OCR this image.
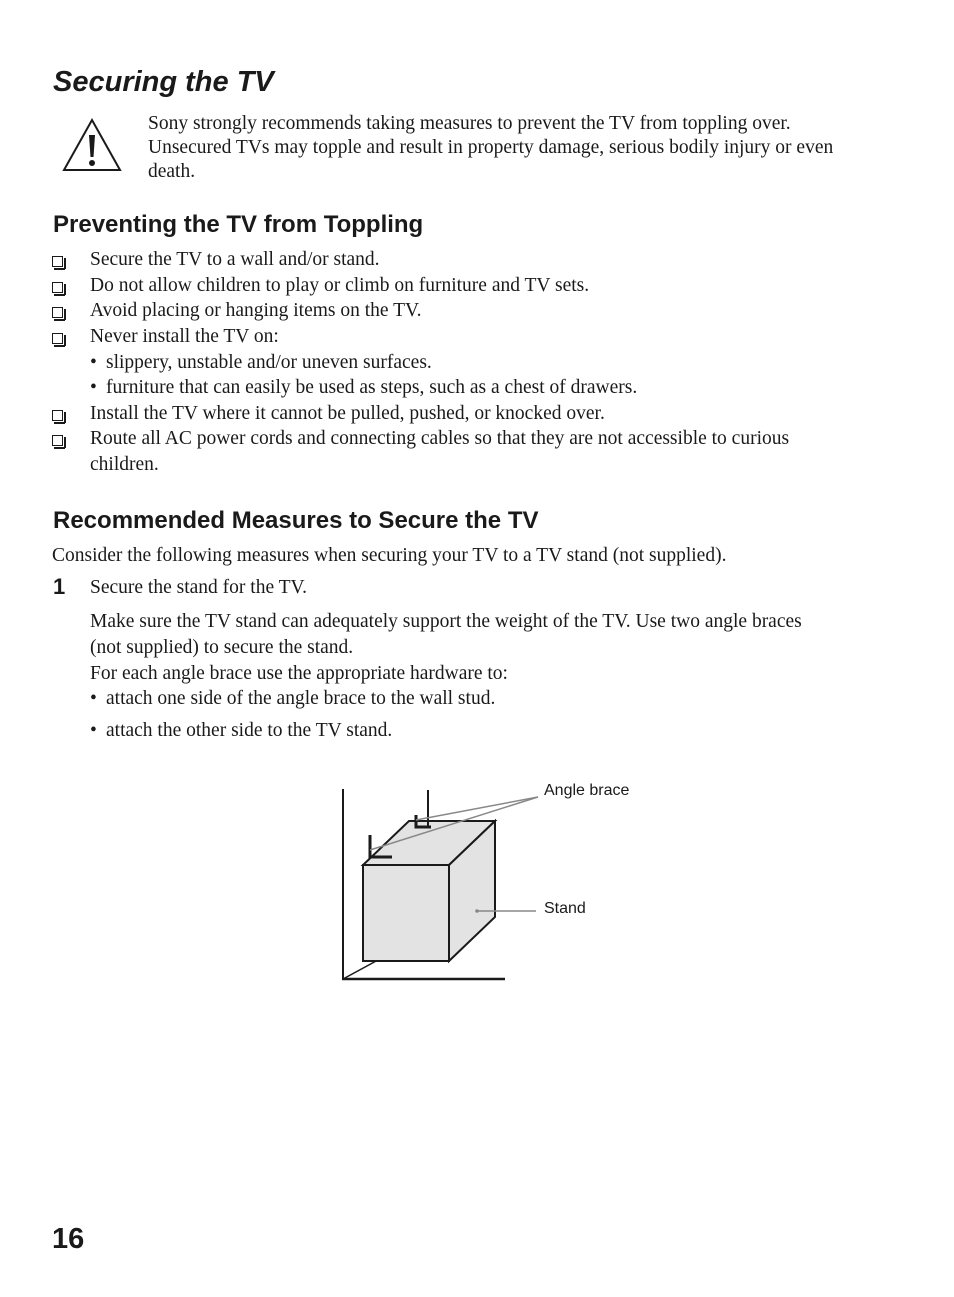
Securing the TV
Sony strongly recommends taking measures to prevent the TV from toppling over.
Unsecured TVs may topple and result in property damage, serious bodily injury or even
death.
Preventing the TV from Toppling
Secure the TV to a wall and/or stand.
Do not allow children to play or climb on furniture and TV sets.
Avoid placing or hanging items on the TV.
Never install the TV on:
• slippery, unstable and/or uneven surfaces.
• furniture that can easily be used as steps, such as a chest of drawers.
Install the TV where it cannot be pulled, pushed, or knocked over.
Route all AC power cords and connecting cables so that they are not accessible to curious
children.
Recommended Measures to Secure the TV
Consider the following measures when securing your TV to a TV stand (not supplied).
1 Secure the stand for the TV.
Make sure the TV stand can adequately support the weight of the TV. Use two angle braces
(not supplied) to secure the stand.
For each angle brace use the appropriate hardware to:
• attach one side of the angle brace to the wall stud.
• attach the other side to the TV stand.
Angle brace
Stand
16
